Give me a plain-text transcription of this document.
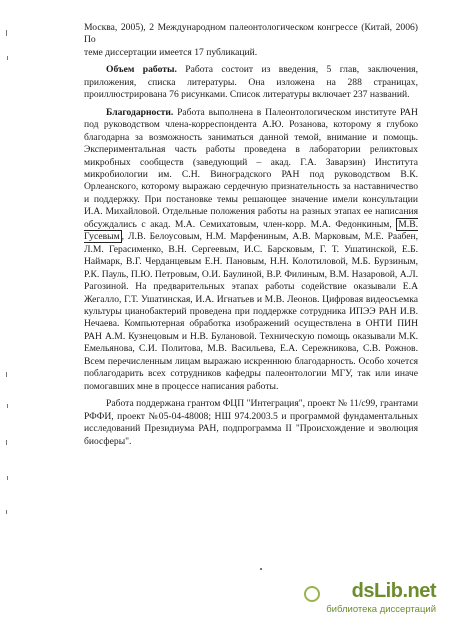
Москва, 2005), 2 Международном палеонтологическом конгрессе (Китай, 2006) По
теме диссертации имеется 17 публикаций.

Объем работы. Работа состоит из введения, 5 глав, заключения, приложения, списка литературы. Она изложена на 288 страницах, проиллюстрирована 76 рисунками. Список литературы включает 237 названий.

Благодарности. Работа выполнена в Палеонтологическом институте РАН под руководством члена-корреспондента А.Ю. Розанова, которому я глубоко благодарна за возможность заниматься данной темой, внимание и помощь. Экспериментальная часть работы проведена в лаборатории реликтовых микробных сообществ (заведующий – акад. Г.А. Заварзин) Института микробиологии им. С.Н. Виноградского РАН под руководством В.К. Орлеанского, которому выражаю сердечную признательность за наставничество и поддержку. При постановке темы решающее значение имели консультации И.А. Михайловой. Отдельные положения работы на разных этапах ее написания обсуждались с акад. М.А. Семихатовым, член-корр. М.А. Федонкиным, М.В. Гусевым , Л.В. Белоусовым, Н.М. Марфениным, А.В. Марковым, М.Е. Раабен, Л.М. Герасименко, В.Н. Сергеевым, И.С. Барсковым, Г. Т. Ушатинской, Е.Б. Наймарк, В.Г. Черданцевым Е.Н. Пановым, Н.Н. Колотиловой, М.Б. Бурзиным, Р.К. Пауль, П.Ю. Петровым, О.И. Баулиной, В.Р. Филиным, В.М. Назаровой, А.Л. Рагозиной. На предварительных этапах работы содействие оказывали Е.А Жегалло, Г.Т. Ушатинская, И.А. Игнатьев и М.В. Леонов. Цифровая видеосъемка культуры цианобактерий проведена при поддержке сотрудника ИПЭЭ РАН И.В. Нечаева. Компьютерная обработка изображений осуществлена в ОНТИ ПИН РАН А.М. Кузнецовым и Н.В. Булановой. Техническую помощь оказывали М.К. Емельянова, С.И. Политова, М.В. Васильева, Е.А. Сережникова, С.В. Рожнов. Всем перечисленным лицам выражаю искреннюю благодарность. Особо хочется поблагодарить всех сотрудников кафедры палеонтологии МГУ, так или иначе помогавших мне в процессе написания работы.

Работа поддержана грантом ФЦП "Интеграция", проект № 11/с99, грантами РФФИ, проект №05-04-48008; НШ 974.2003.5 и программой фундаментальных исследований Президиума РАН, подпрограмма II "Происхождение и эволюция биосферы".

dsLib.net
библиотека диссертаций
